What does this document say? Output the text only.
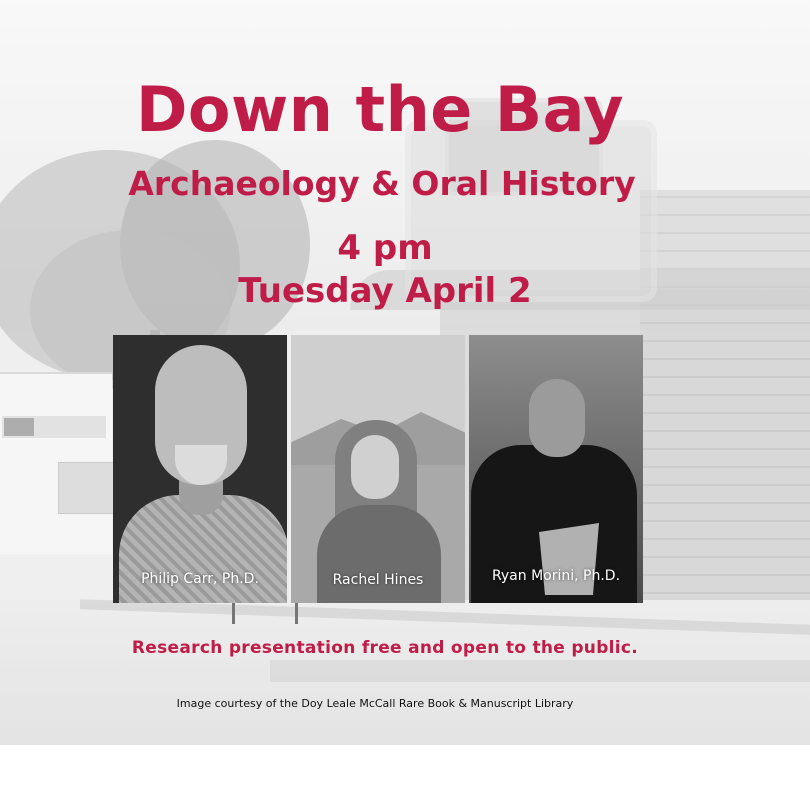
Down the Bay
Archaeology & Oral History
4 pm
Tuesday April 2
Philip Carr, Ph.D.	Rachel Hines	Ryan Morini, Ph.D.
Research presentation free and open to the public.
Image courtesy of the Doy Leale McCall Rare Book & Manuscript Library
